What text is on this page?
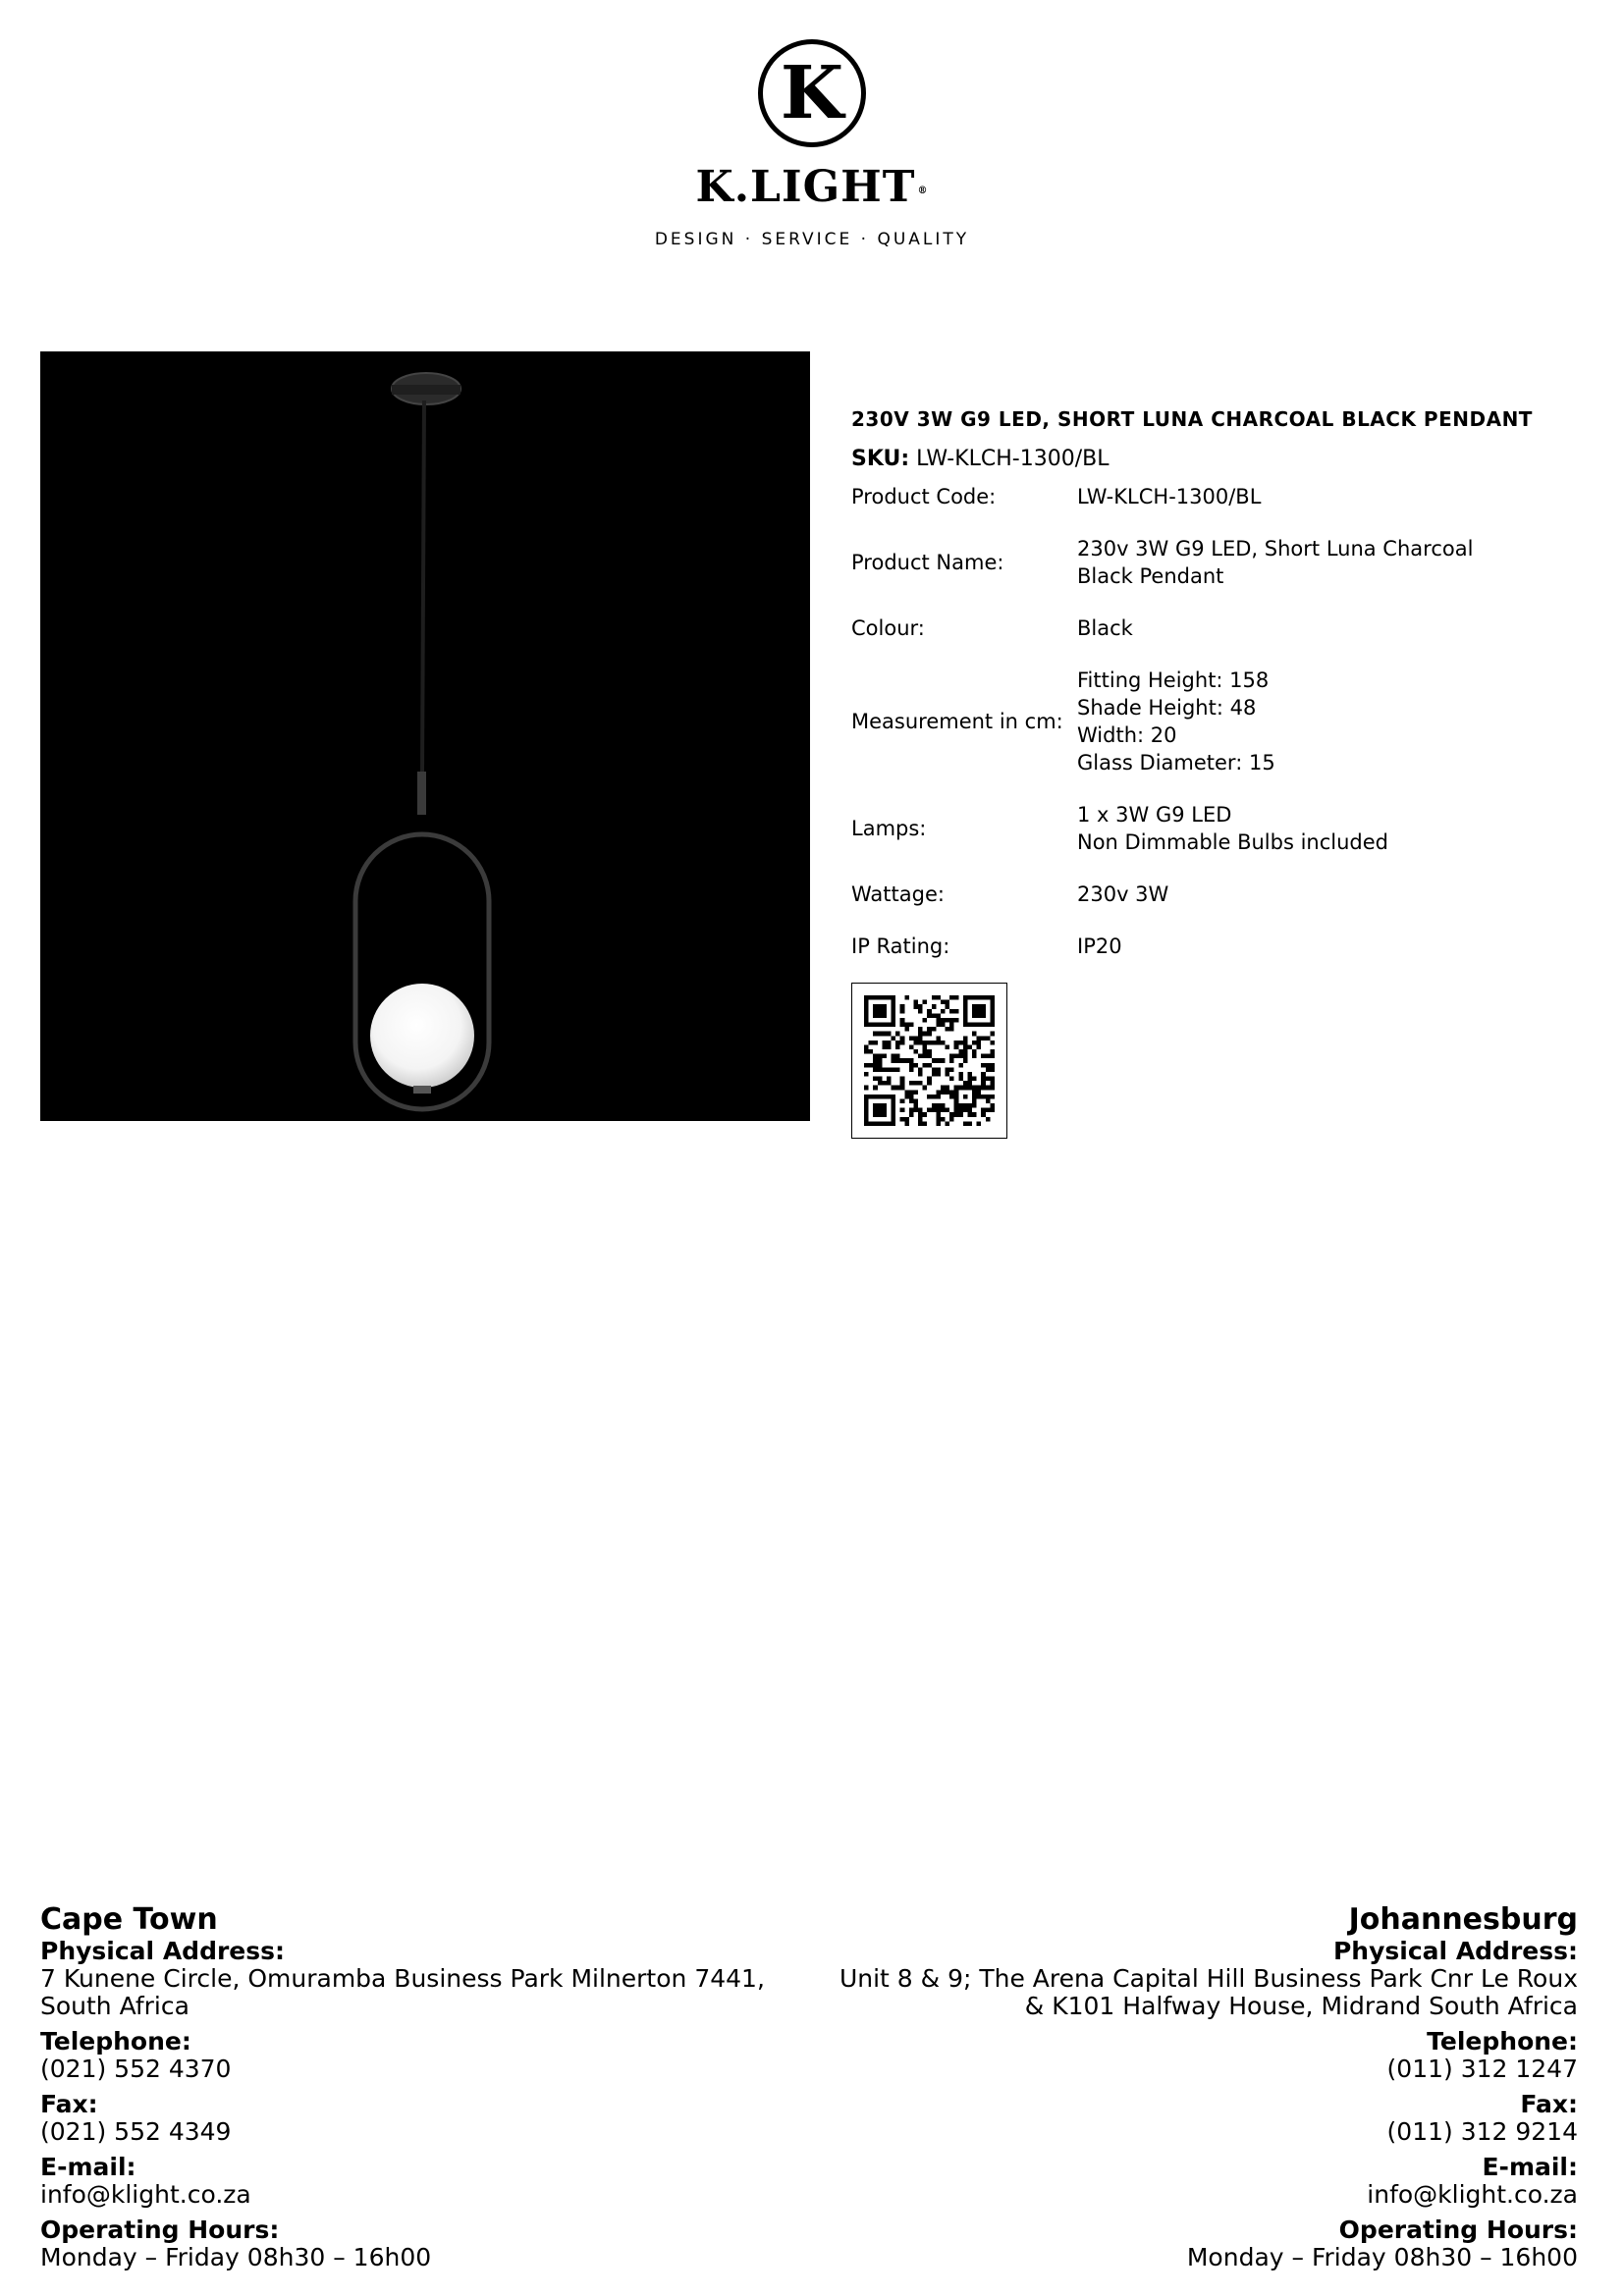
K
K.LIGHT ®
DESIGN · SERVICE · QUALITY

230V 3W G9 LED, SHORT LUNA CHARCOAL BLACK PENDANT

SKU: LW-KLCH-1300/BL
Product Code:	LW-KLCH-1300/BL

Product Name:	230v 3W G9 LED, Short Luna Charcoal
Black Pendant

Colour:	Black

Measurement in cm:	Fitting Height: 158
Shade Height: 48
Width: 20
Glass Diameter: 15

Lamps:	1 x 3W G9 LED
Non Dimmable Bulbs included

Wattage:	230v 3W

IP Rating:	IP20
Cape Town
Physical Address:
7 Kunene Circle, Omuramba Business Park Milnerton 7441,
South Africa
Telephone:
(021) 552 4370
Fax:
(021) 552 4349
E-mail:
info@klight.co.za
Operating Hours:
Monday – Friday 08h30 – 16h00
Johannesburg
Physical Address:
Unit 8 & 9; The Arena Capital Hill Business Park Cnr Le Roux
& K101 Halfway House, Midrand South Africa
Telephone:
(011) 312 1247
Fax:
(011) 312 9214
E-mail:
info@klight.co.za
Operating Hours:
Monday – Friday 08h30 – 16h00
